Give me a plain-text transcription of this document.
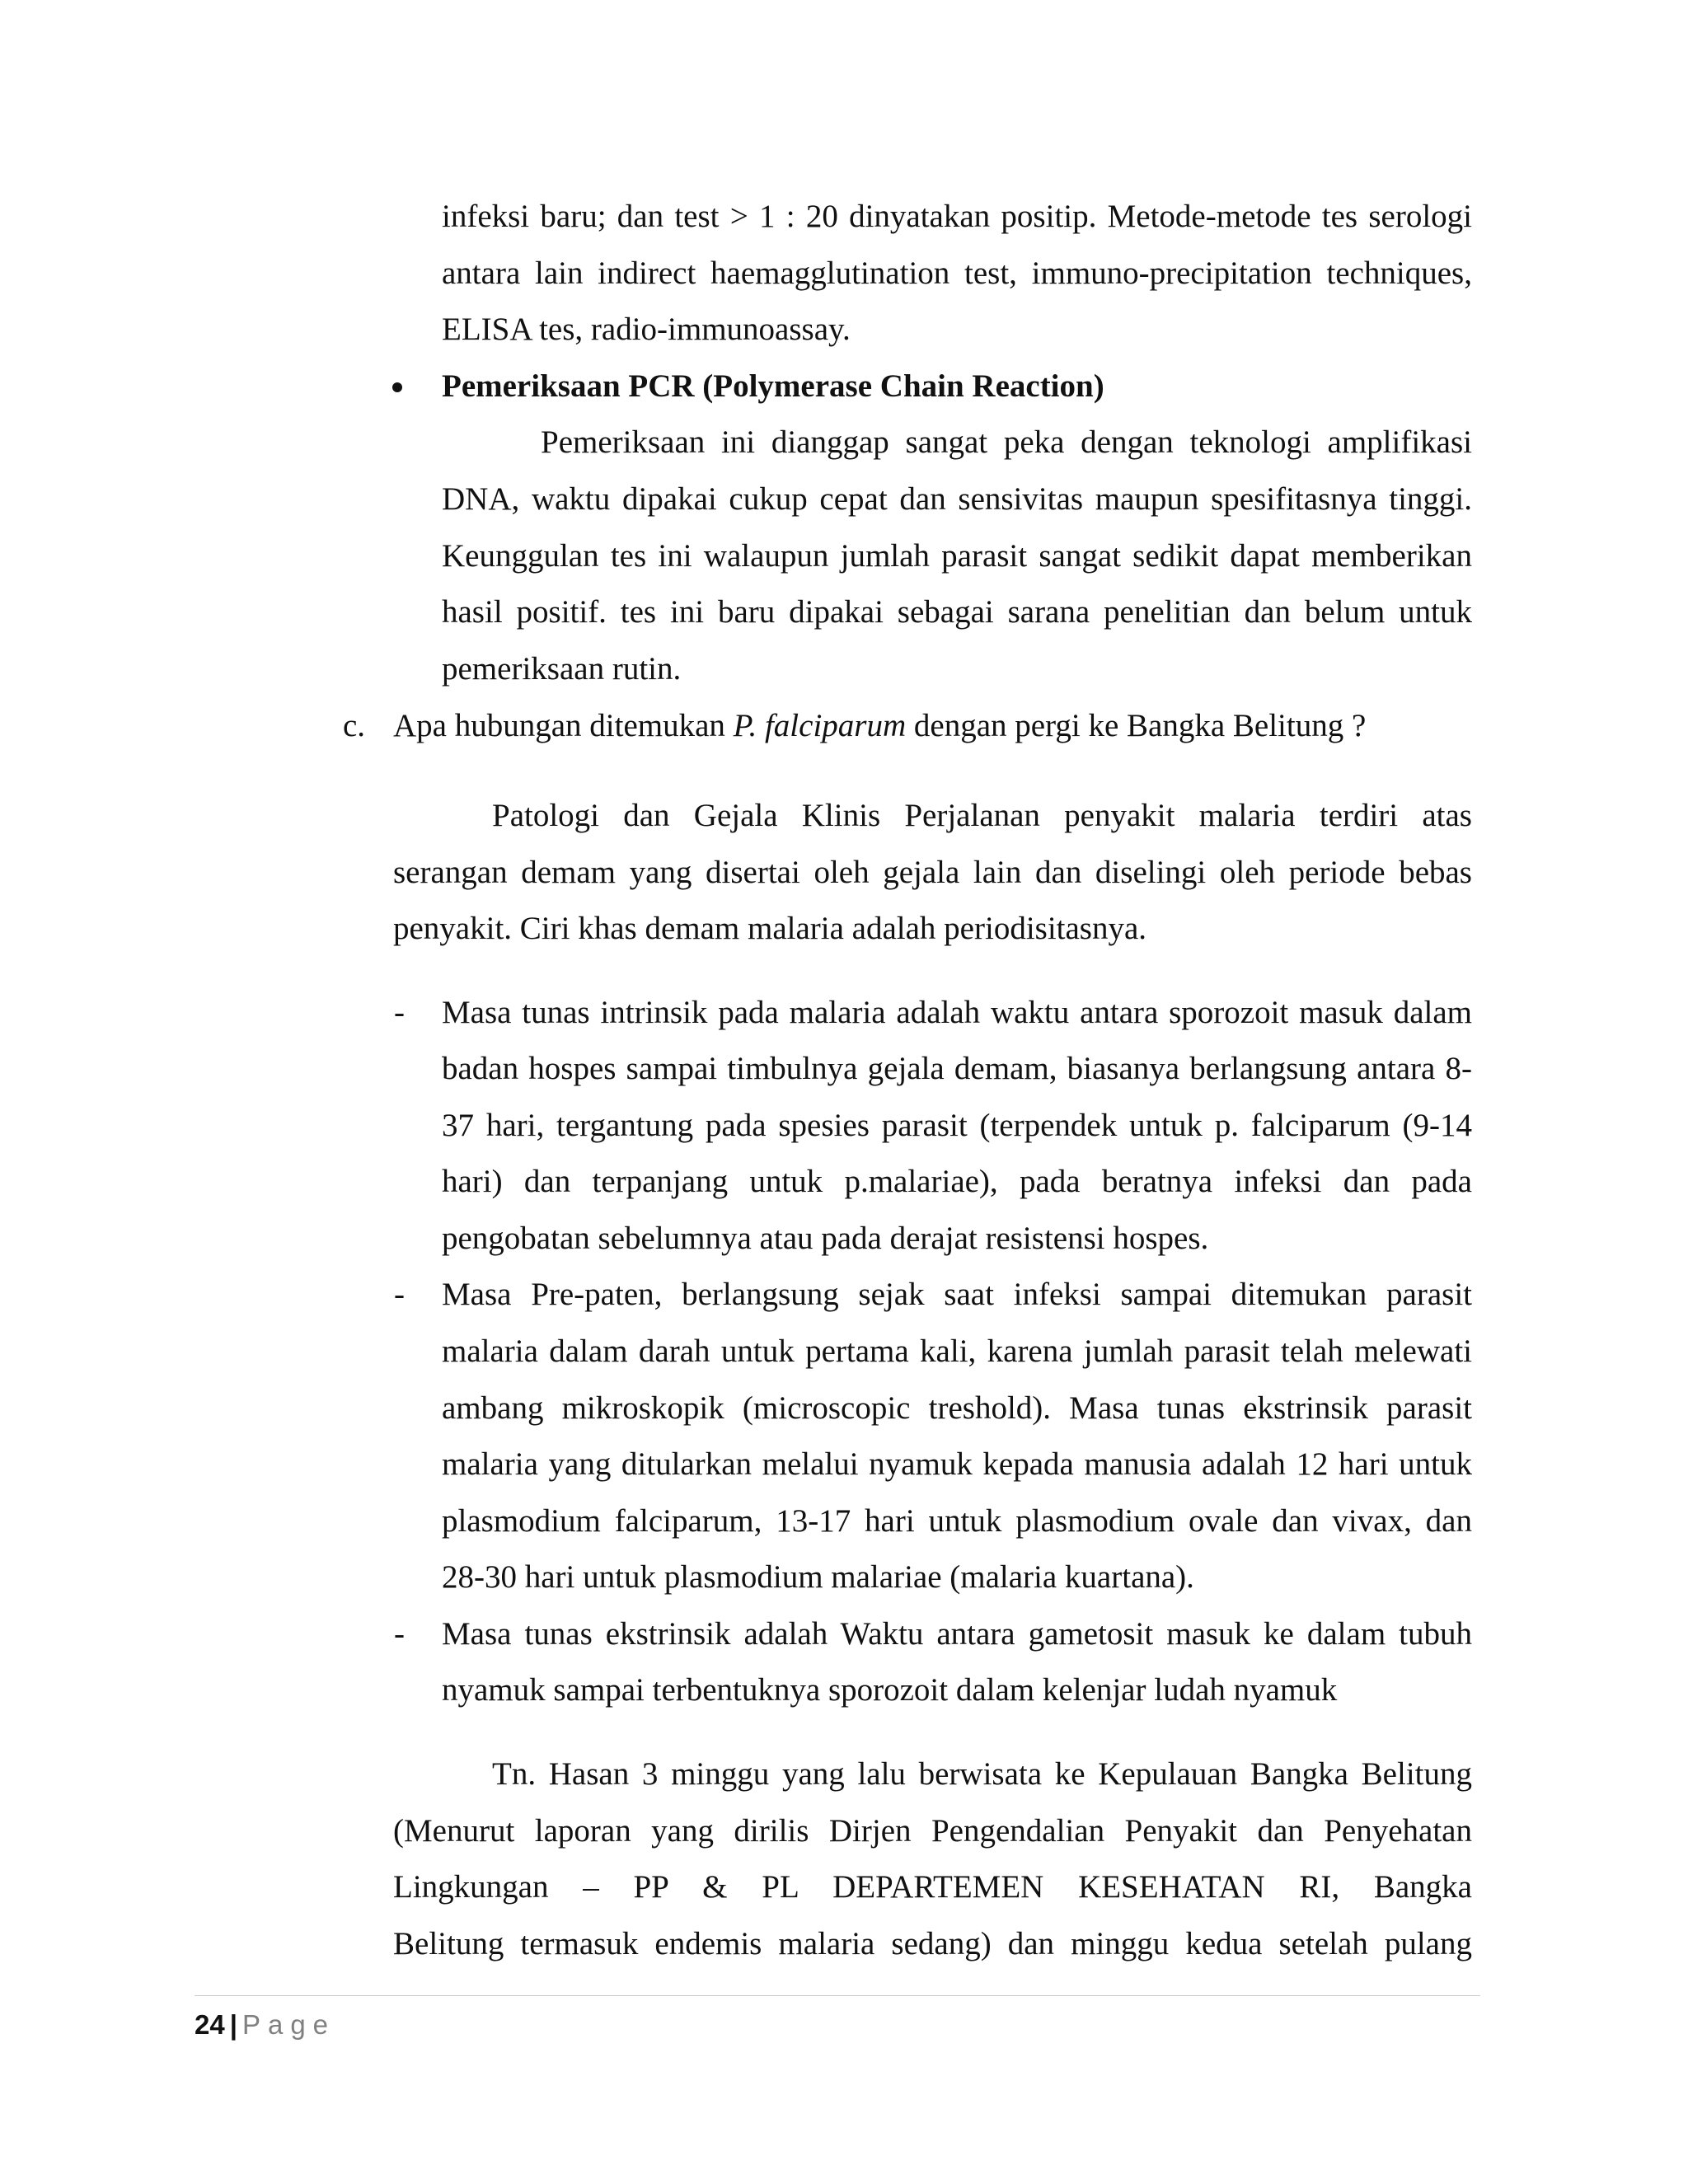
infeksi baru; dan test > 1 : 20 dinyatakan positip. Metode-metode tes serologi
antara lain indirect haemagglutination test, immuno-precipitation techniques,
ELISA tes, radio-immunoassay.
Pemeriksaan PCR (Polymerase Chain Reaction)
Pemeriksaan ini dianggap sangat peka dengan teknologi amplifikasi
DNA, waktu dipakai cukup cepat dan sensivitas maupun spesifitasnya tinggi.
Keunggulan tes ini walaupun jumlah parasit sangat sedikit dapat memberikan
hasil positif. tes ini baru dipakai sebagai sarana penelitian dan belum untuk
pemeriksaan rutin.
c. Apa hubungan ditemukan P. falciparum dengan pergi ke Bangka Belitung ?
Patologi dan Gejala Klinis Perjalanan penyakit malaria terdiri atas
serangan demam yang disertai oleh gejala lain dan diselingi oleh periode bebas
penyakit. Ciri khas demam malaria adalah periodisitasnya.
- Masa tunas intrinsik pada malaria adalah waktu antara sporozoit masuk dalam
badan hospes sampai timbulnya gejala demam, biasanya berlangsung antara 8-
37 hari, tergantung pada spesies parasit (terpendek untuk p. falciparum (9-14
hari) dan terpanjang untuk p.malariae), pada beratnya infeksi dan pada
pengobatan sebelumnya atau pada derajat resistensi hospes.
- Masa Pre-paten, berlangsung sejak saat infeksi sampai ditemukan parasit
malaria dalam darah untuk pertama kali, karena jumlah parasit telah melewati
ambang mikroskopik (microscopic treshold). Masa tunas ekstrinsik parasit
malaria yang ditularkan melalui nyamuk kepada manusia adalah 12 hari untuk
plasmodium falciparum, 13-17 hari untuk plasmodium ovale dan vivax, dan
28-30 hari untuk plasmodium malariae (malaria kuartana).
- Masa tunas ekstrinsik adalah Waktu antara gametosit masuk ke dalam tubuh
nyamuk sampai terbentuknya sporozoit dalam kelenjar ludah nyamuk
Tn. Hasan 3 minggu yang lalu berwisata ke Kepulauan Bangka Belitung
(Menurut laporan yang dirilis Dirjen Pengendalian Penyakit dan Penyehatan
Lingkungan – PP & PL DEPARTEMEN KESEHATAN RI, Bangka
Belitung termasuk endemis malaria sedang) dan minggu kedua setelah pulang
24 | Page
